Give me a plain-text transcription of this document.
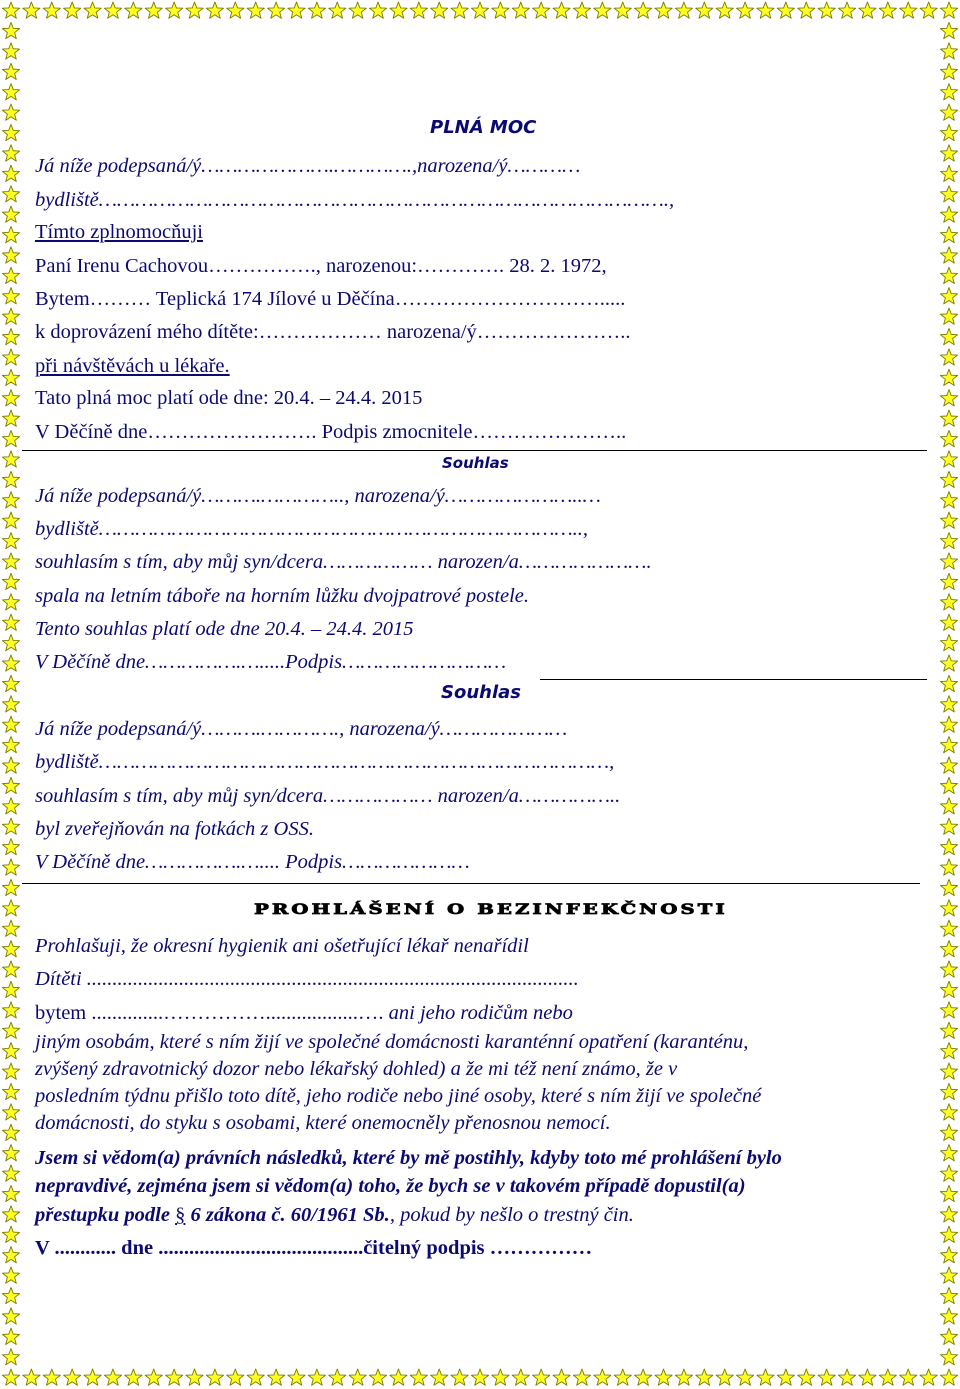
PLNÁ MOC

Já níže podepsaná/ý………………….………….,narozena/ý…………

bydliště………………………………………………………………………………….,

Tímto zplnomocňuji

Paní Irenu Cachovou……………., narozenou:…………. 28. 2. 1972,

Bytem……… Teplická 174 Jílové u Děčína………………………….....

k doprovázení mého dítěte:……………… narozena/ý…………………..

při návštěvách u lékaře.

Tato plná moc platí ode dne: 20.4. – 24.4. 2015

V Děčíně dne……………………. Podpis zmocnitele…………………..

Souhlas

Já níže podepsaná/ý……….………….., narozena/ý…………………..…

bydliště……………………………………………………………………..,

souhlasím s tím, aby můj syn/dcera……………… narozen/a………………….

spala na letním táboře na horním lůžku dvojpatrové postele.

Tento souhlas platí ode dne 20.4. – 24.4. 2015

V Děčíně dne…………….….....Podpis………………………

Souhlas

Já níže podepsaná/ý……….…………., narozena/ý…………………

bydliště…………………………………………………………………………,

souhlasím s tím, aby můj syn/dcera……………… narozen/a……………..

byl zveřejňován na fotkách z OSS.

V Děčíně dne…………….….... Podpis…………………

PROHLÁŠENÍ O BEZINFEKČNOSTI

Prohlašuji, že okresní hygienik ani ošetřující lékař nenařídil

Dítěti ................................................................................................

bytem ..............……………..................…. ani jeho rodičům nebo

jiným osobám, které s ním žijí ve společné domácnosti karanténní opatření (karanténu,

zvýšený zdravotnický dozor nebo lékařský dohled) a že mi též není známo, že v

posledním týdnu přišlo toto dítě, jeho rodiče nebo jiné osoby, které s ním žijí ve společné

domácnosti, do styku s osobami, které onemocněly přenosnou nemocí.

Jsem si vědom(a) právních následků, které by mě postihly, kdyby toto mé prohlášení bylo

nepravdivé, zejména jsem si vědom(a) toho, že bych se v takovém případě dopustil(a)

přestupku podle § 6 zákona č. 60/1961 Sb., pokud by nešlo o trestný čin.

V ............ dne ........................................čitelný podpis ……………
